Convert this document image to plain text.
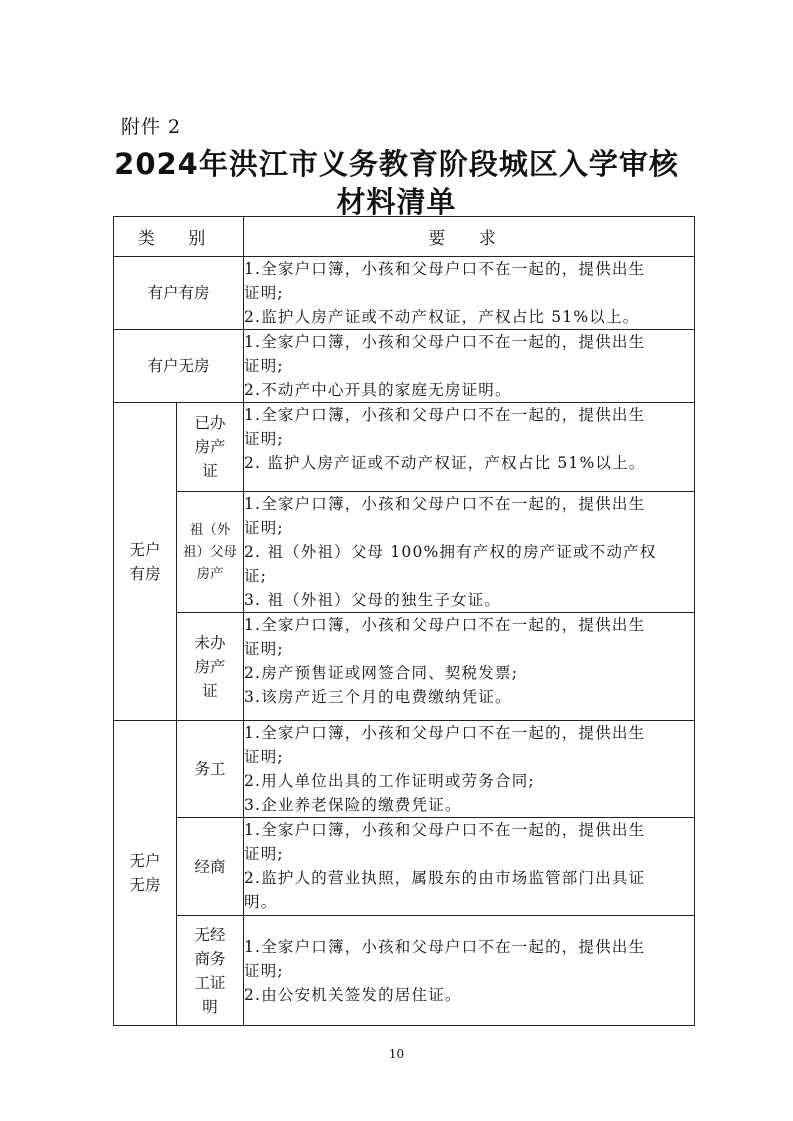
附件 2
2024年洪江市义务教育阶段城区入学审核
材料清单
类 别		要 求
有户有房		1.全家户口簿，小孩和父母户口不在一起的，提供出生
证明;
2.监护人房产证或不动产权证，产权占比 51%以上。

有户无房		1.全家户口簿，小孩和父母户口不在一起的，提供出生
证明;
2.不动产中心开具的家庭无房证明。

无户有房	已办房产证	1.全家户口簿，小孩和父母户口不在一起的，提供出生
证明;
2. 监护人房产证或不动产权证，产权占比 51%以上。

	祖（外祖）父母房产	1.全家户口簿，小孩和父母户口不在一起的，提供出生
证明;
2. 祖（外祖）父母 100%拥有产权的房产证或不动产权
证;
3. 祖（外祖）父母的独生子女证。

	未办房产证	1.全家户口簿，小孩和父母户口不在一起的，提供出生
证明;
2.房产预售证或网签合同、契税发票;
3.该房产近三个月的电费缴纳凭证。

无户无房	务工	1.全家户口簿，小孩和父母户口不在一起的，提供出生
证明;
2.用人单位出具的工作证明或劳务合同;
3.企业养老保险的缴费凭证。

	经商	1.全家户口簿，小孩和父母户口不在一起的，提供出生
证明;
2.监护人的营业执照，属股东的由市场监管部门出具证
明。

	无经商务工证明	1.全家户口簿，小孩和父母户口不在一起的，提供出生
证明;
2.由公安机关签发的居住证。
10
